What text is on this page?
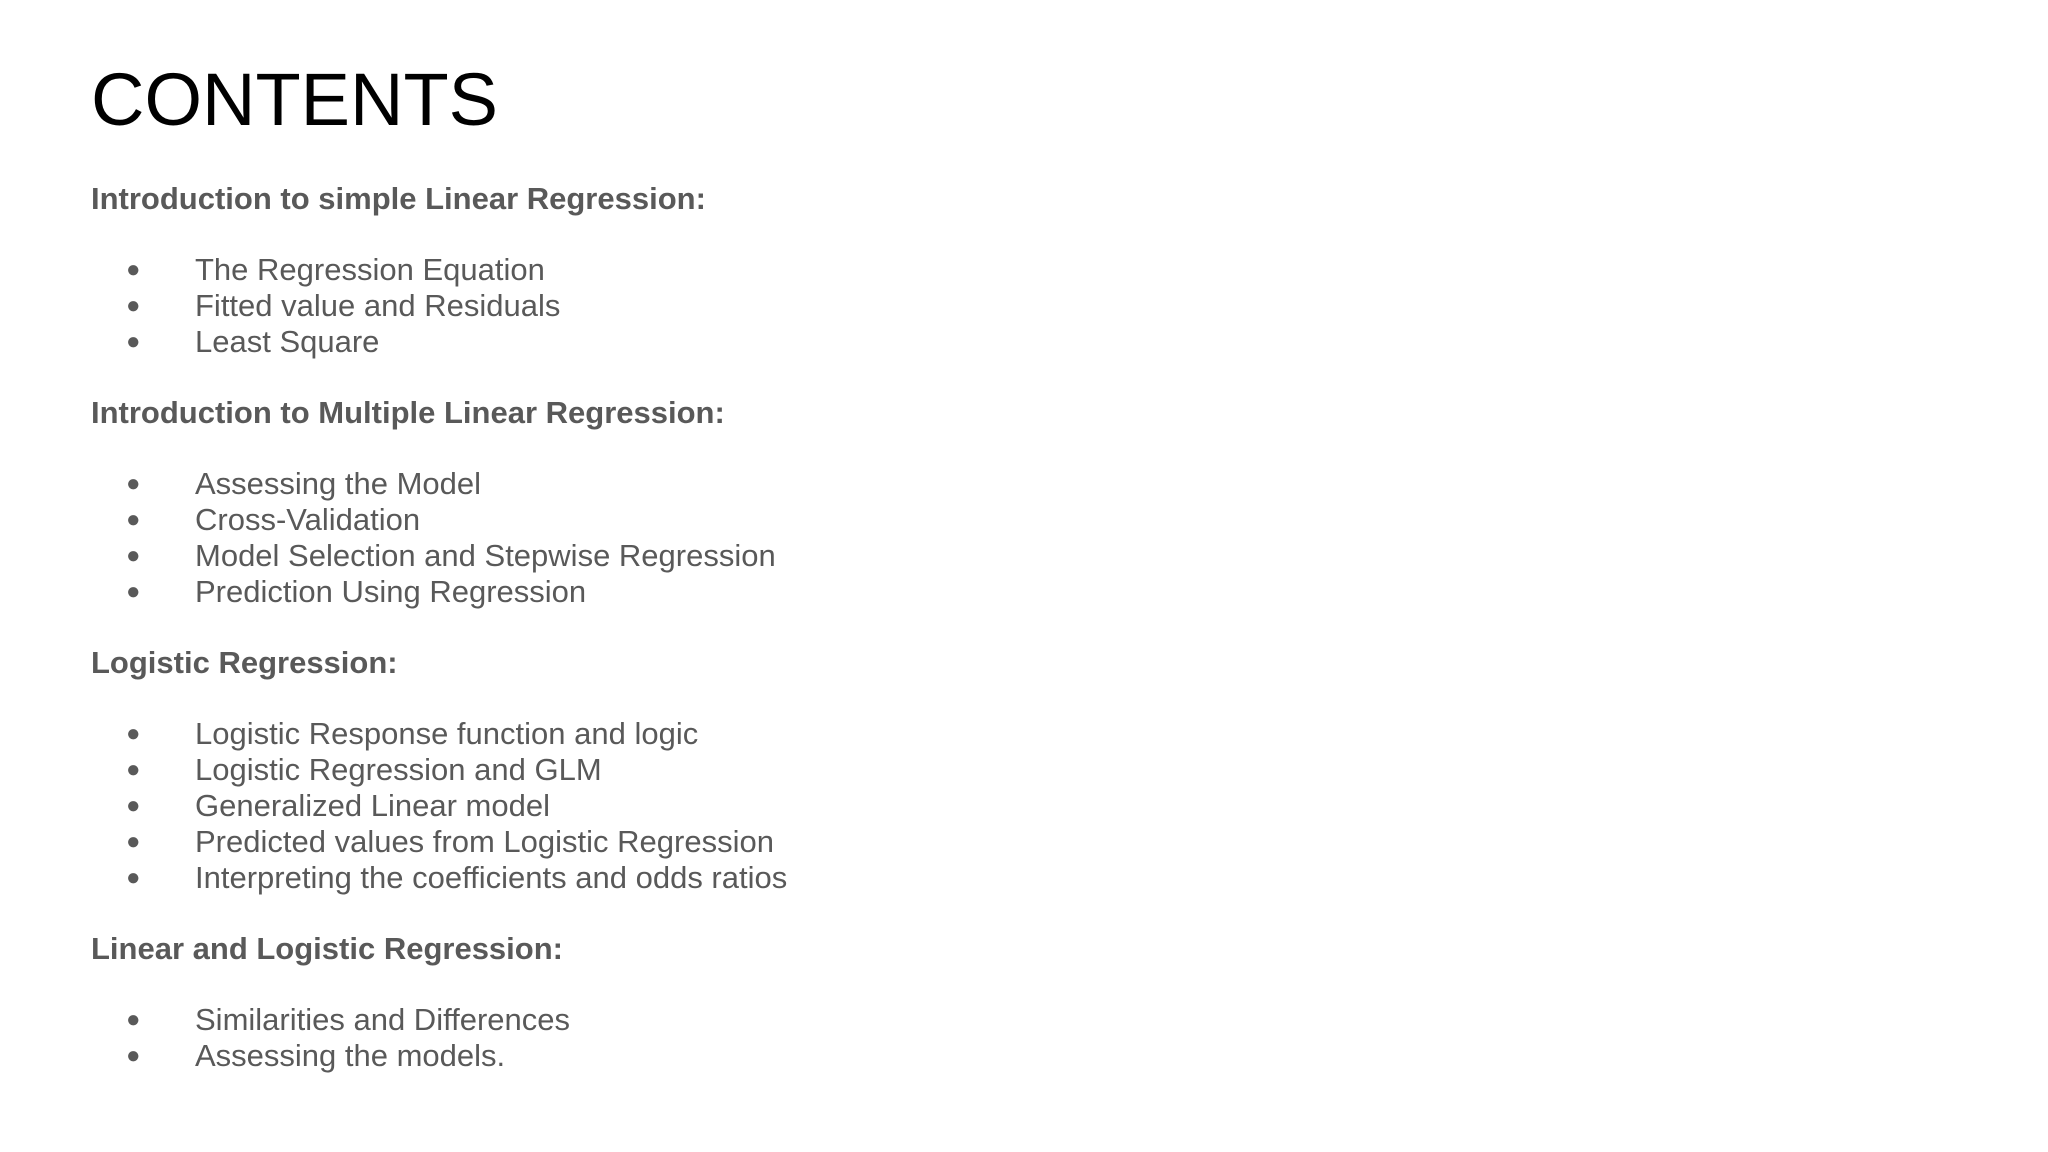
CONTENTS

Introduction to simple Linear Regression:

●	The Regression Equation
●	Fitted value and Residuals
●	Least Square

Introduction to Multiple Linear Regression:

●	Assessing the Model
●	Cross-Validation
●	Model Selection and Stepwise Regression
●	Prediction Using Regression

Logistic Regression:

●	Logistic Response function and logic
●	Logistic Regression and GLM
●	Generalized Linear model
●	Predicted values from Logistic Regression
●	Interpreting the coefficients and odds ratios

Linear and Logistic Regression:

●	Similarities and Differences
●	Assessing the models.
